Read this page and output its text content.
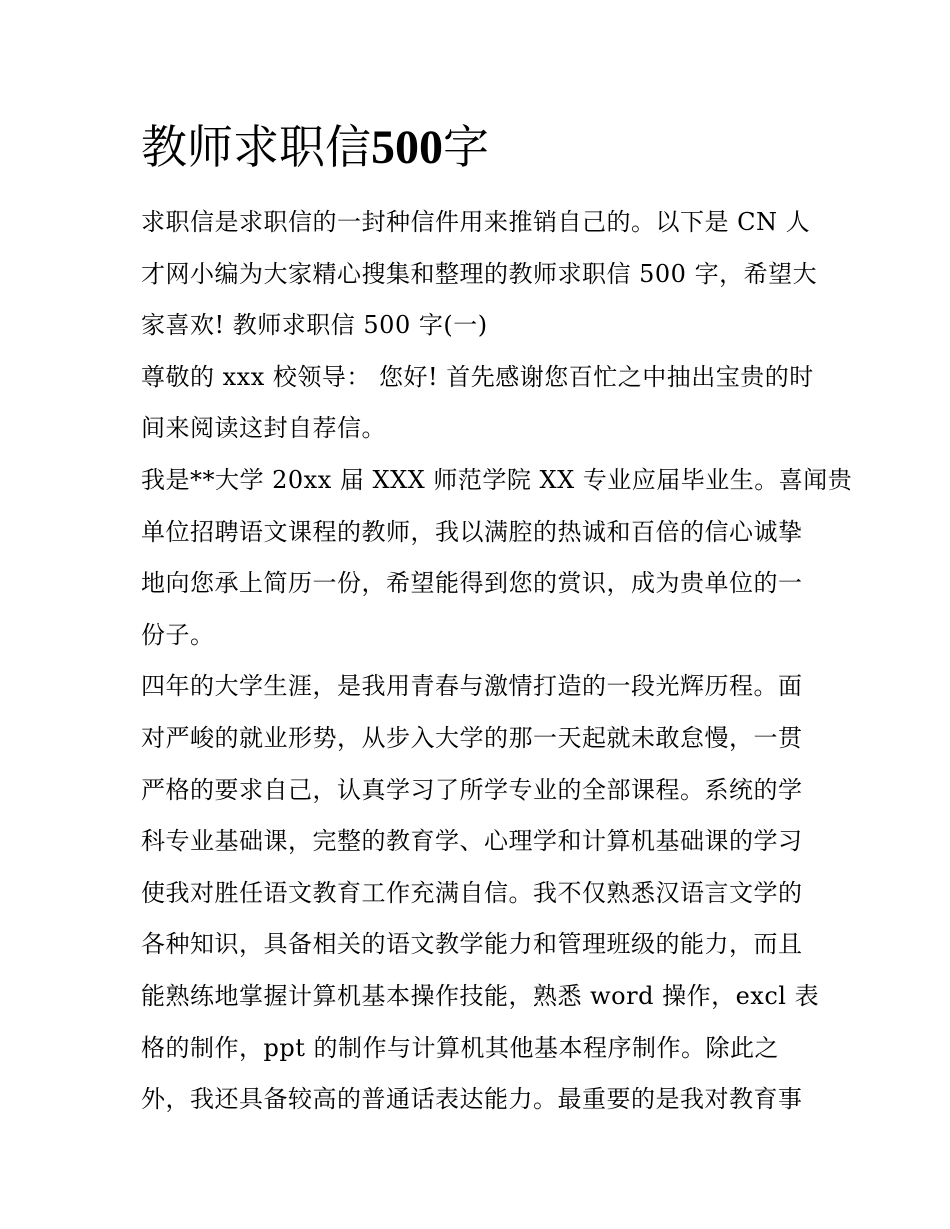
教师求职信500字
求职信是求职信的一封种信件用来推销自己的。以下是 CN 人
才网小编为大家精心搜集和整理的教师求职信 500 字，希望大
家喜欢! 教师求职信 500 字(一)
尊敬的 xxx 校领导： 您好! 首先感谢您百忙之中抽出宝贵的时
间来阅读这封自荐信。
我是**大学 20xx 届 XXX 师范学院 XX 专业应届毕业生。喜闻贵
单位招聘语文课程的教师，我以满腔的热诚和百倍的信心诚挚
地向您承上简历一份，希望能得到您的赏识，成为贵单位的一
份子。
四年的大学生涯，是我用青春与激情打造的一段光辉历程。面
对严峻的就业形势，从步入大学的那一天起就未敢怠慢，一贯
严格的要求自己，认真学习了所学专业的全部课程。系统的学
科专业基础课，完整的教育学、心理学和计算机基础课的学习
使我对胜任语文教育工作充满自信。我不仅熟悉汉语言文学的
各种知识，具备相关的语文教学能力和管理班级的能力，而且
能熟练地掌握计算机基本操作技能，熟悉 word 操作，excl 表
格的制作，ppt 的制作与计算机其他基本程序制作。除此之
外，我还具备较高的普通话表达能力。最重要的是我对教育事
